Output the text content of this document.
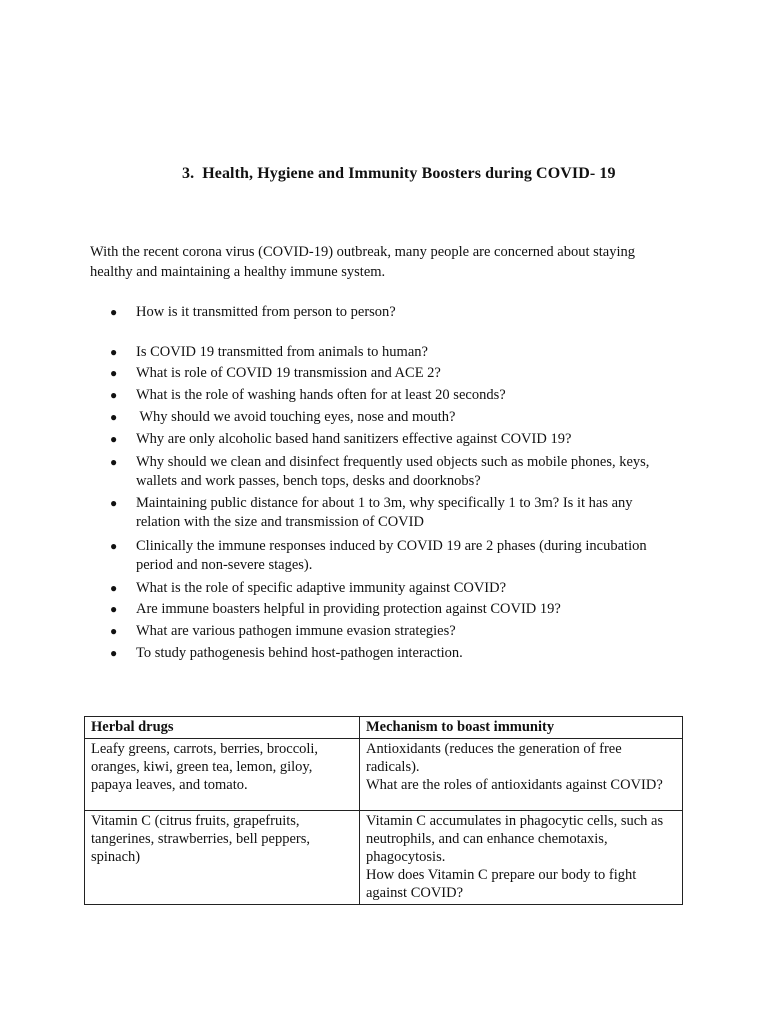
3. Health, Hygiene and Immunity Boosters during COVID- 19
With the recent corona virus (COVID-19) outbreak, many people are concerned about staying healthy and maintaining a healthy immune system.
●	How is it transmitted from person to person?
●	Is COVID 19 transmitted from animals to human?
●	What is role of COVID 19 transmission and ACE 2?
●	What is the role of washing hands often for at least 20 seconds?
●	Why should we avoid touching eyes, nose and mouth?
●	Why are only alcoholic based hand sanitizers effective against COVID 19?
●	Why should we clean and disinfect frequently used objects such as mobile phones, keys, wallets and work passes, bench tops, desks and doorknobs?
●	Maintaining public distance for about 1 to 3m, why specifically 1 to 3m? Is it has any relation with the size and transmission of COVID
●	Clinically the immune responses induced by COVID 19 are 2 phases (during incubation period and non-severe stages).
●	What is the role of specific adaptive immunity against COVID?
●	Are immune boasters helpful in providing protection against COVID 19?
●	What are various pathogen immune evasion strategies?
●	To study pathogenesis behind host-pathogen interaction.
Herbal drugs	Mechanism to boast immunity
Leafy greens, carrots, berries, broccoli, oranges, kiwi, green tea, lemon, giloy, papaya leaves, and tomato.	Antioxidants (reduces the generation of free radicals).
What are the roles of antioxidants against COVID?

Vitamin C (citrus fruits, grapefruits, tangerines, strawberries, bell peppers, spinach)	Vitamin C accumulates in phagocytic cells, such as neutrophils, and can enhance chemotaxis, phagocytosis.
How does Vitamin C prepare our body to fight against COVID?
